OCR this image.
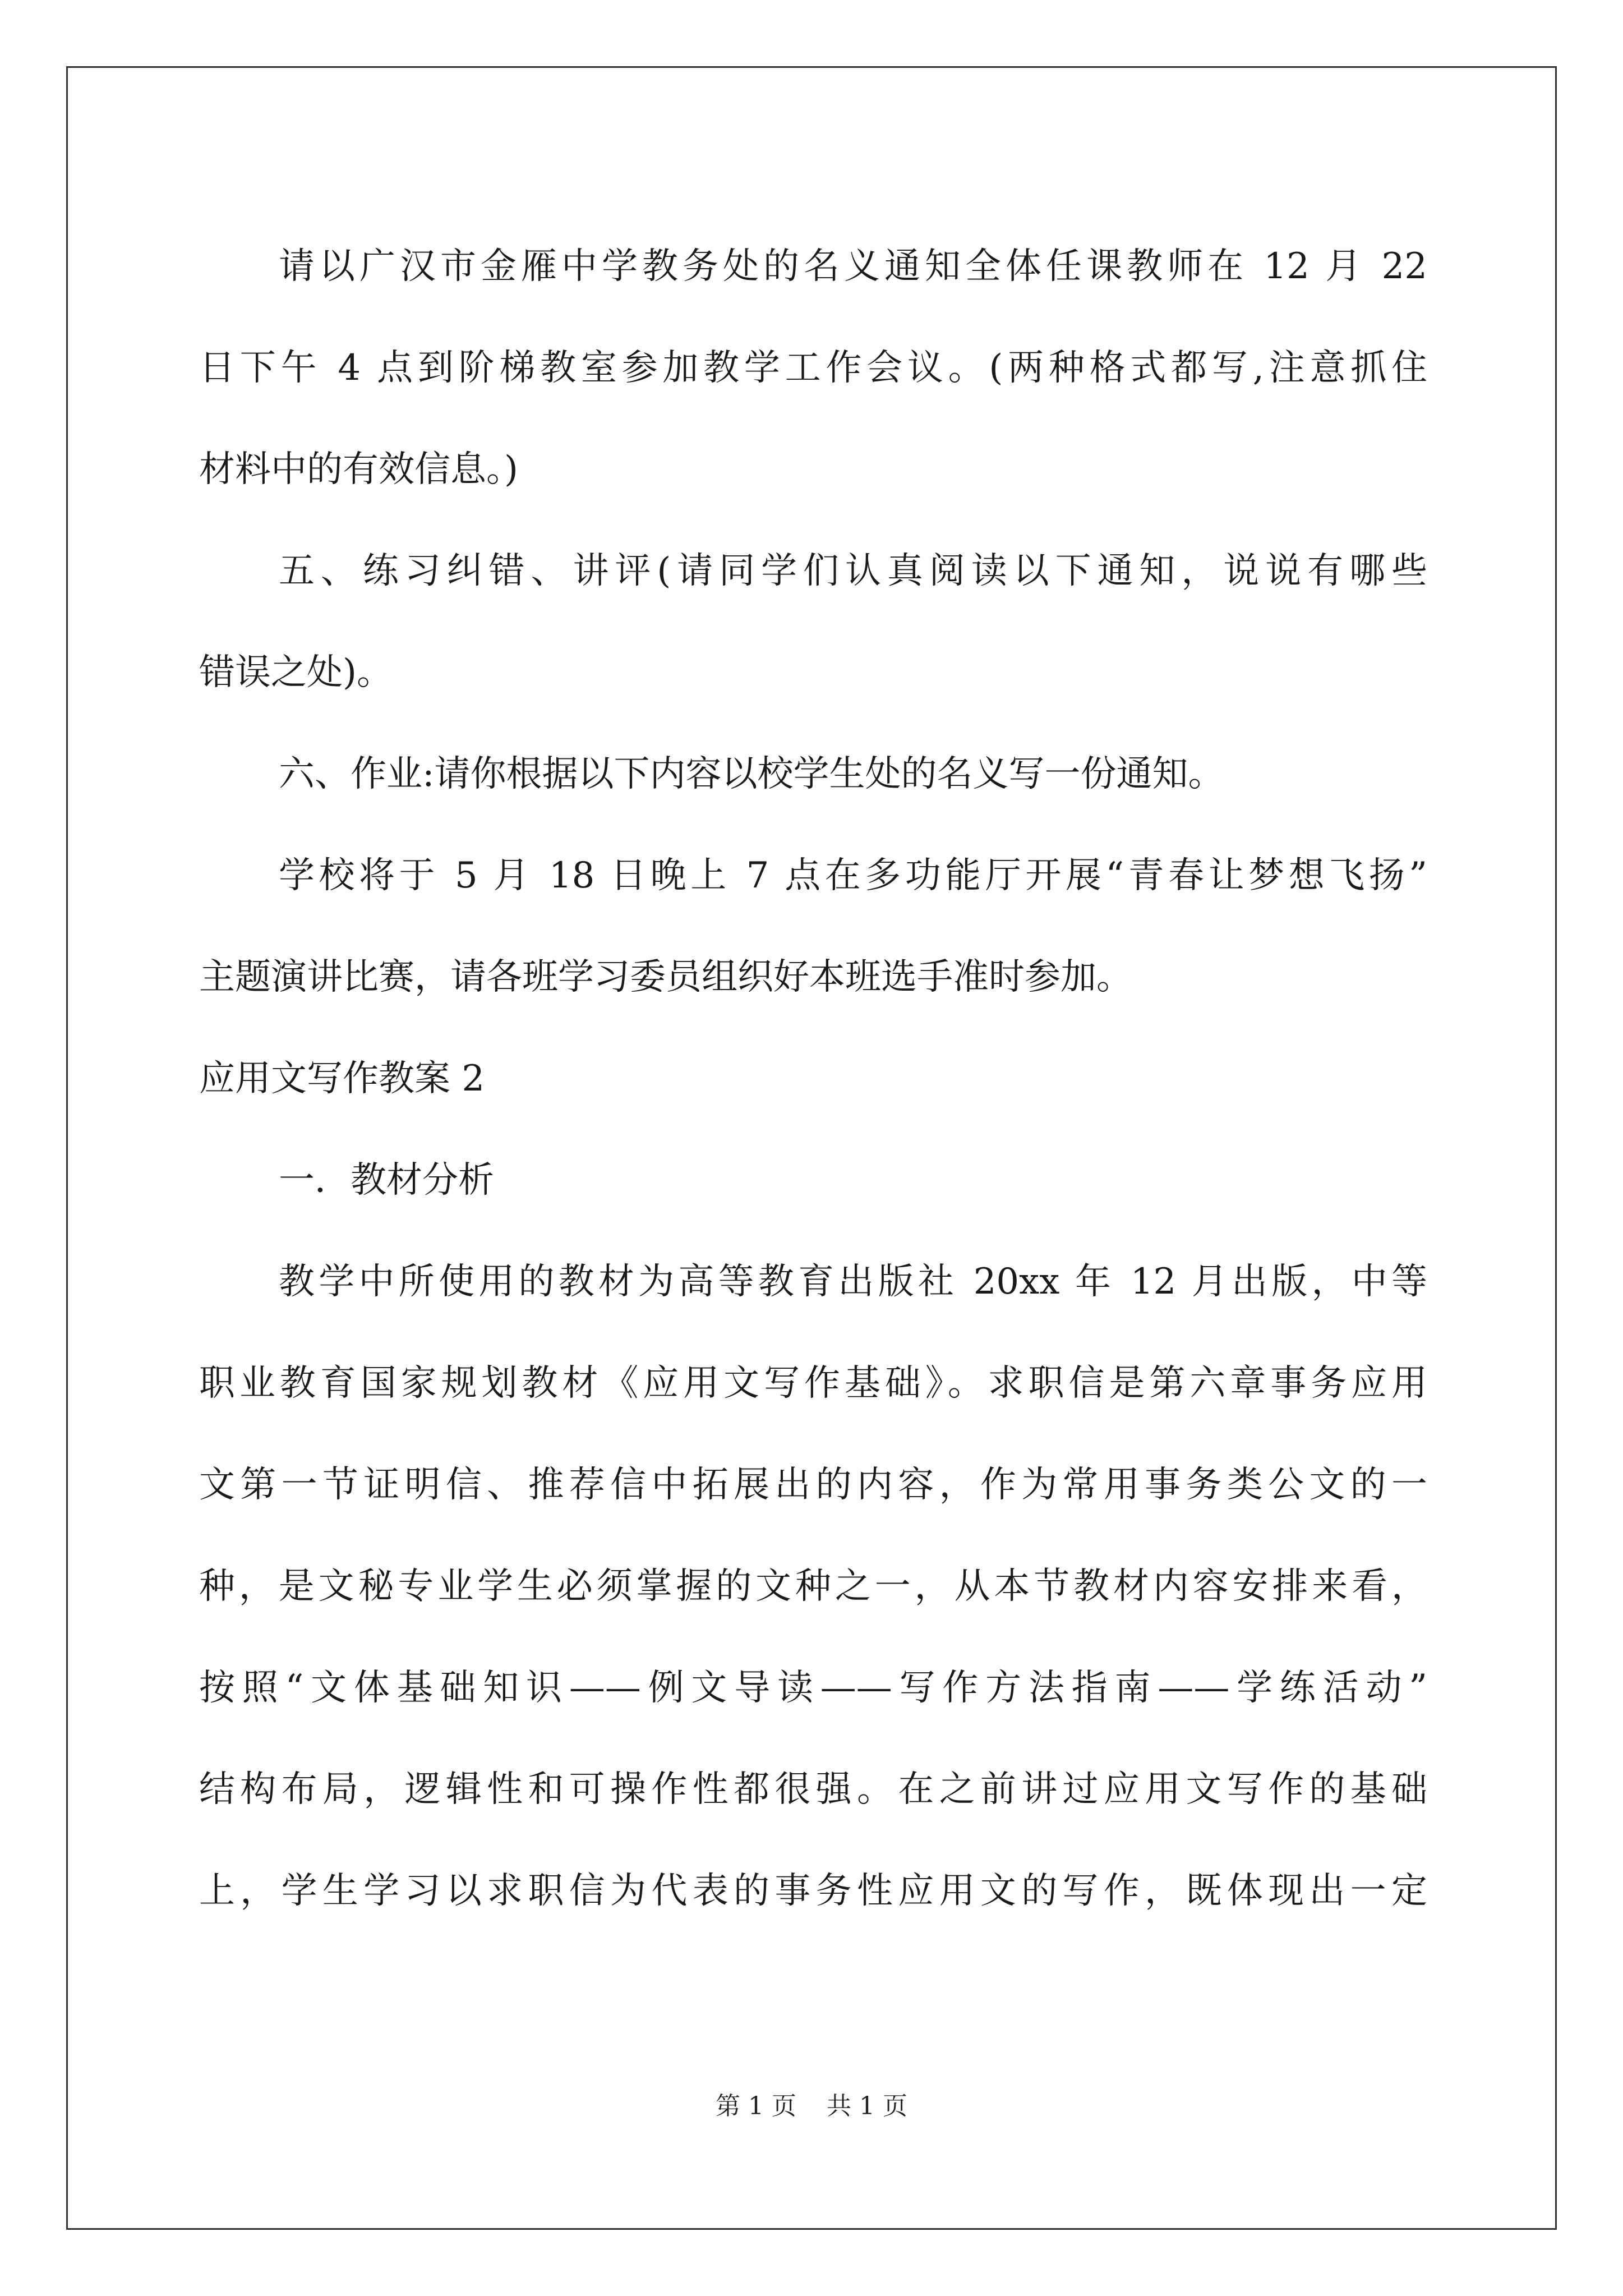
请以广汉市金雁中学教务处的名义通知全体任课教师在 12 月 22

日下午 4 点到阶梯教室参加教学工作会议。(两种格式都写,注意抓住

材料中的有效信息。)

五、练习纠错、讲评(请同学们认真阅读以下通知，说说有哪些

错误之处)。

六、作业:请你根据以下内容以校学生处的名义写一份通知。

学校将于 5 月 18 日晚上 7 点在多功能厅开展“青春让梦想飞扬”

主题演讲比赛，请各班学习委员组织好本班选手准时参加。

应用文写作教案 2

一．教材分析

教学中所使用的教材为高等教育出版社 20xx 年 12 月出版，中等

职业教育国家规划教材《应用文写作基础》。求职信是第六章事务应用

文第一节证明信、推荐信中拓展出的内容，作为常用事务类公文的一

种，是文秘专业学生必须掌握的文种之一，从本节教材内容安排来看，

按照“文体基础知识——例文导读——写作方法指南——学练活动”

结构布局，逻辑性和可操作性都很强。在之前讲过应用文写作的基础

上，学生学习以求职信为代表的事务性应用文的写作，既体现出一定

第 1 页 共 1 页
